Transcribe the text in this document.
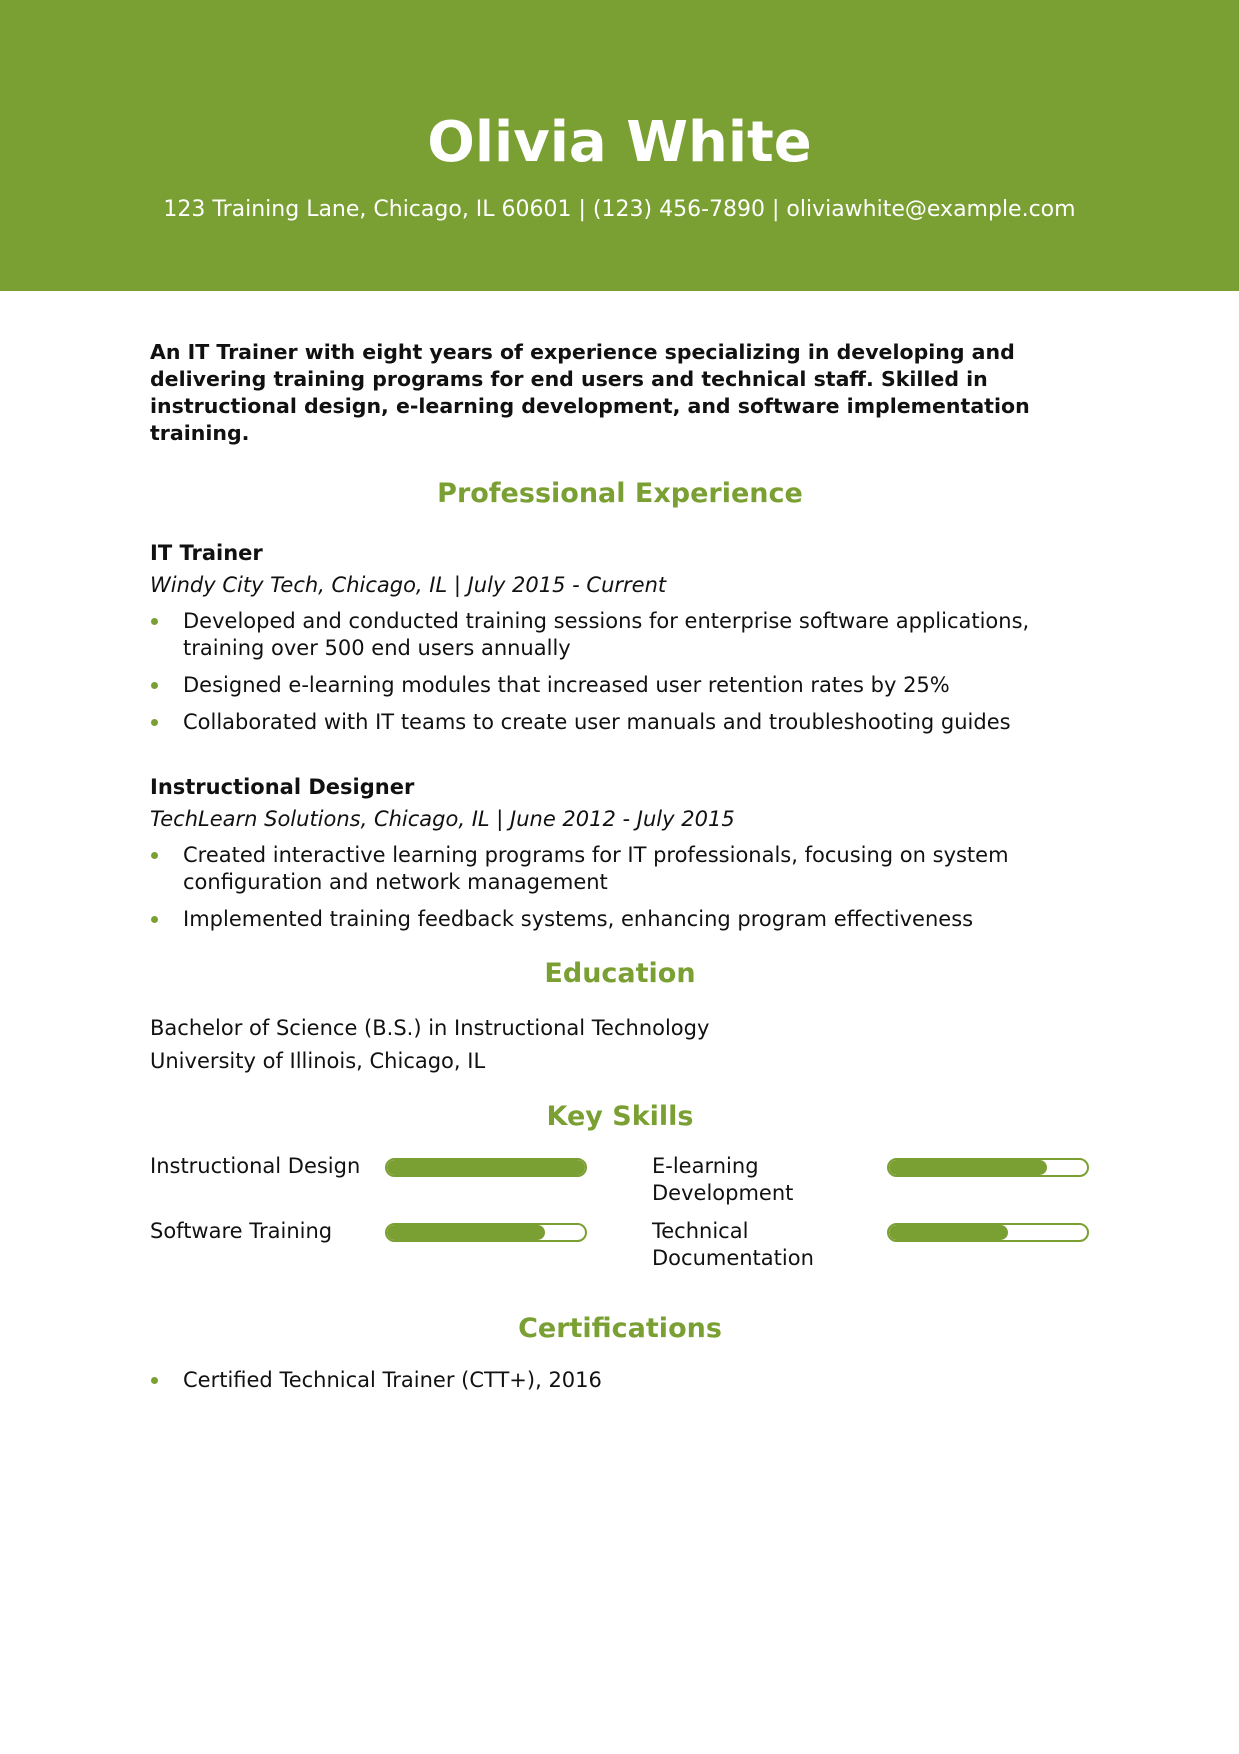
Olivia White
123 Training Lane, Chicago, IL 60601 | (123) 456-7890 | oliviawhite@example.com

An IT Trainer with eight years of experience specializing in developing and delivering training programs for end users and technical staff. Skilled in instructional design, e-learning development, and software implementation training.

Professional Experience
IT Trainer
Windy City Tech, Chicago, IL | July 2015 - Current
Developed and conducted training sessions for enterprise software applications, training over 500 end users annually
Designed e-learning modules that increased user retention rates by 25%
Collaborated with IT teams to create user manuals and troubleshooting guides
Instructional Designer
TechLearn Solutions, Chicago, IL | June 2012 - July 2015
Created interactive learning programs for IT professionals, focusing on system configuration and network management
Implemented training feedback systems, enhancing program effectiveness
Education
Bachelor of Science (B.S.) in Instructional Technology
University of Illinois, Chicago, IL
Key Skills
Instructional Design	E-learning Development
Software Training	Technical Documentation
Certifications
Certified Technical Trainer (CTT+), 2016
